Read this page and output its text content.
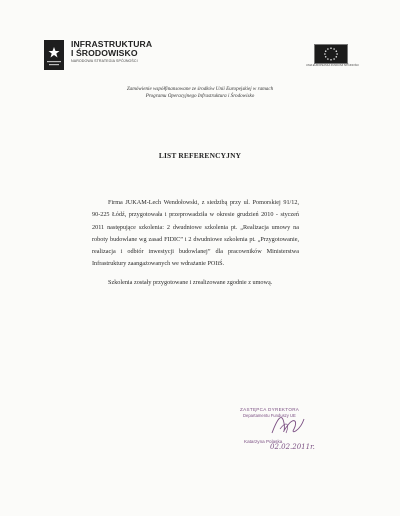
INFRASTRUKTURA
I ŚRODOWISKO
NARODOWA STRATEGIA SPÓJNOŚCI
UNIA EUROPEJSKA FUNDUSZ SPÓJNOŚCI
Zamówienie współfinansowane ze środków Unii Europejskiej w ramach
Programu Operacyjnego Infrastruktura i Środowisko
LIST REFERENCYJNY

Firma JUKAM-Lech Wendołowski, z siedzibą przy ul. Pomorskiej 91/12, 90-225 Łódź, przygotowała i przeprowadziła w okresie grudzień 2010 - styczeń 2011 następujące szkolenia: 2 dwudniowe szkolenia pt. „Realizacja umowy na roboty budowlane wg zasad FIDIC” i 2 dwudniowe szkolenia pt. „Przygotowanie, realizacja i odbiór inwestycji budowlanej” dla pracowników Ministerstwa Infrastruktury zaangażowanych we wdrażanie POIiŚ.

Szkolenia zostały przygotowane i zrealizowane zgodnie z umową.

ZASTĘPCA DYREKTORA
Departamentu Funduszy UE
Katarzyna Polaska
02.02.2011r.
